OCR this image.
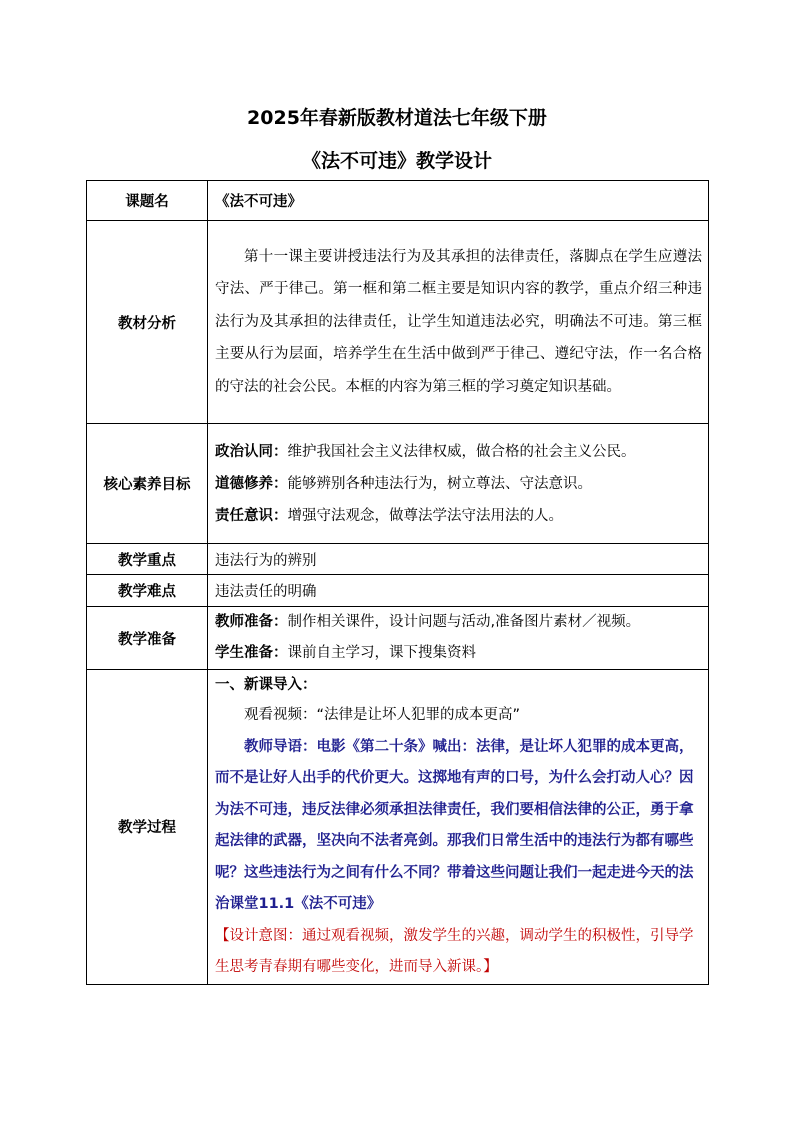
2025年春新版教材道法七年级下册
《法不可违》教学设计
课题名	《法不可违》
教材分析	第十一课主要讲授违法行为及其承担的法律责任，落脚点在学生应遵法守法、严于律己。第一框和第二框主要是知识内容的教学，重点介绍三种违法行为及其承担的法律责任，让学生知道违法必究，明确法不可违。第三框主要从行为层面，培养学生在生活中做到严于律己、遵纪守法，作一名合格的守法的社会公民。本框的内容为第三框的学习奠定知识基础。

核心素养目标	政治认同：维护我国社会主义法律权威，做合格的社会主义公民。

道德修养：能够辨别各种违法行为，树立尊法、守法意识。

责任意识：增强守法观念，做尊法学法守法用法的人。

教学重点	违法行为的辨别
教学难点	违法责任的明确
教学准备	教师准备：制作相关课件，设计问题与活动,准备图片素材／视频。

学生准备：课前自主学习，课下搜集资料

教学过程	一、新课导入：

观看视频：“法律是让坏人犯罪的成本更高”

教师导语：电影《第二十条》喊出：法律，是让坏人犯罪的成本更高，而不是让好人出手的代价更大。这掷地有声的口号，为什么会打动人心？因为法不可违，违反法律必须承担法律责任，我们要相信法律的公正，勇于拿起法律的武器，坚决向不法者亮剑。那我们日常生活中的违法行为都有哪些呢？这些违法行为之间有什么不同？带着这些问题让我们一起走进今天的法治课堂11.1《法不可违》

【设计意图：通过观看视频，激发学生的兴趣，调动学生的积极性，引导学生思考青春期有哪些变化，进而导入新课。】
